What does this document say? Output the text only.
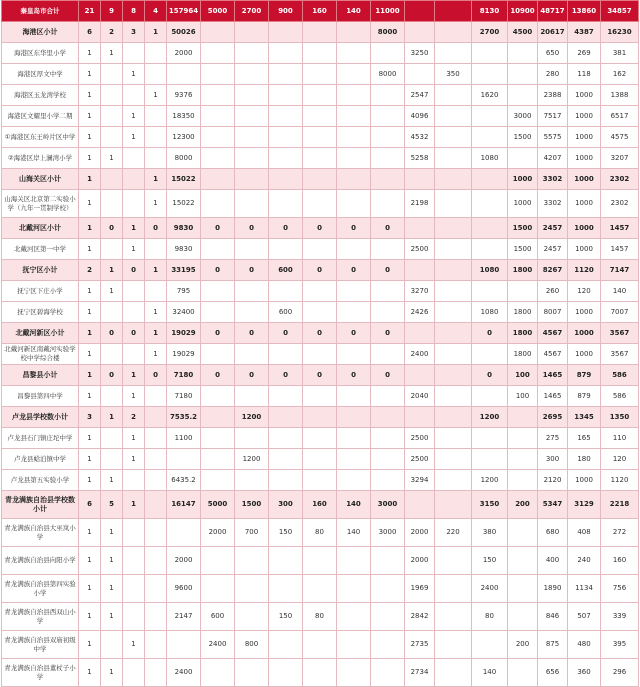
秦皇岛市合计	21	9	8	4	157964	5000	2700	900	160	140	11000			8130	10900	48717	13860	34857
海港区小计	6	2	3	1	50026						8000			2700	4500	20617	4387	16230
海港区东华里小学	1	1			2000							3250				650	269	381
海港区厚文中学	1		1								8000		350			280	118	162
海港区玉龙湾学校	1			1	9376							2547		1620		2388	1000	1388
海港区文耀里小学二期	1		1		18350							4096			3000	7517	1000	6517
①海港区东王岭片区中学	1		1		12300							4532			1500	5575	1000	4575
②海港区岸上澜湾小学	1	1			8000							5258		1080		4207	1000	3207
山海关区小计	1			1	15022										1000	3302	1000	2302
山海关区北京第二实验小学（九年一贯制学校）	1			1	15022							2198			1000	3302	1000	2302
北戴河区小计	1	0	1	0	9830	0	0	0	0	0	0				1500	2457	1000	1457
北戴河区第一中学	1		1		9830							2500			1500	2457	1000	1457
抚宁区小计	2	1	0	1	33195	0	0	600	0	0	0			1080	1800	8267	1120	7147
抚宁区下庄小学	1	1			795							3270				260	120	140
抚宁区碧海学校	1			1	32400			600				2426		1080	1800	8007	1000	7007
北戴河新区小计	1	0	0	1	19029	0	0	0	0	0	0			0	1800	4567	1000	3567
北戴河新区南戴河实验学校中学综合楼	1			1	19029							2400			1800	4567	1000	3567
昌黎县小计	1	0	1	0	7180	0	0	0	0	0	0			0	100	1465	879	586
昌黎县第四中学	1		1		7180							2040			100	1465	879	586
卢龙县学校数小计	3	1	2		7535.2		1200							1200		2695	1345	1350
卢龙县石门镇庄坨中学	1		1		1100							2500				275	165	110
卢龙县蛤泊镇中学	1		1				1200					2500				300	180	120
卢龙县第五实验小学	1	1			6435.2							3294		1200		2120	1000	1120
青龙满族自治县学校数小计	6	5	1		16147	5000	1500	300	160	140	3000			3150	200	5347	3129	2218
青龙满族自治县大巫岚小学	1	1				2000	700	150	80	140	3000	2000	220	380		680	408	272
青龙满族自治县向阳小学	1	1			2000							2000		150		400	240	160
青龙满族自治县第四实验小学	1	1			9600							1969		2400		1890	1134	756
青龙满族自治县西双山小学	1	1			2147	600		150	80			2842		80		846	507	339
青龙满族自治县双庙初级中学	1		1			2400	800					2735			200	875	480	395
青龙满族自治县董杖子小学	1	1			2400							2734		140		656	360	296
